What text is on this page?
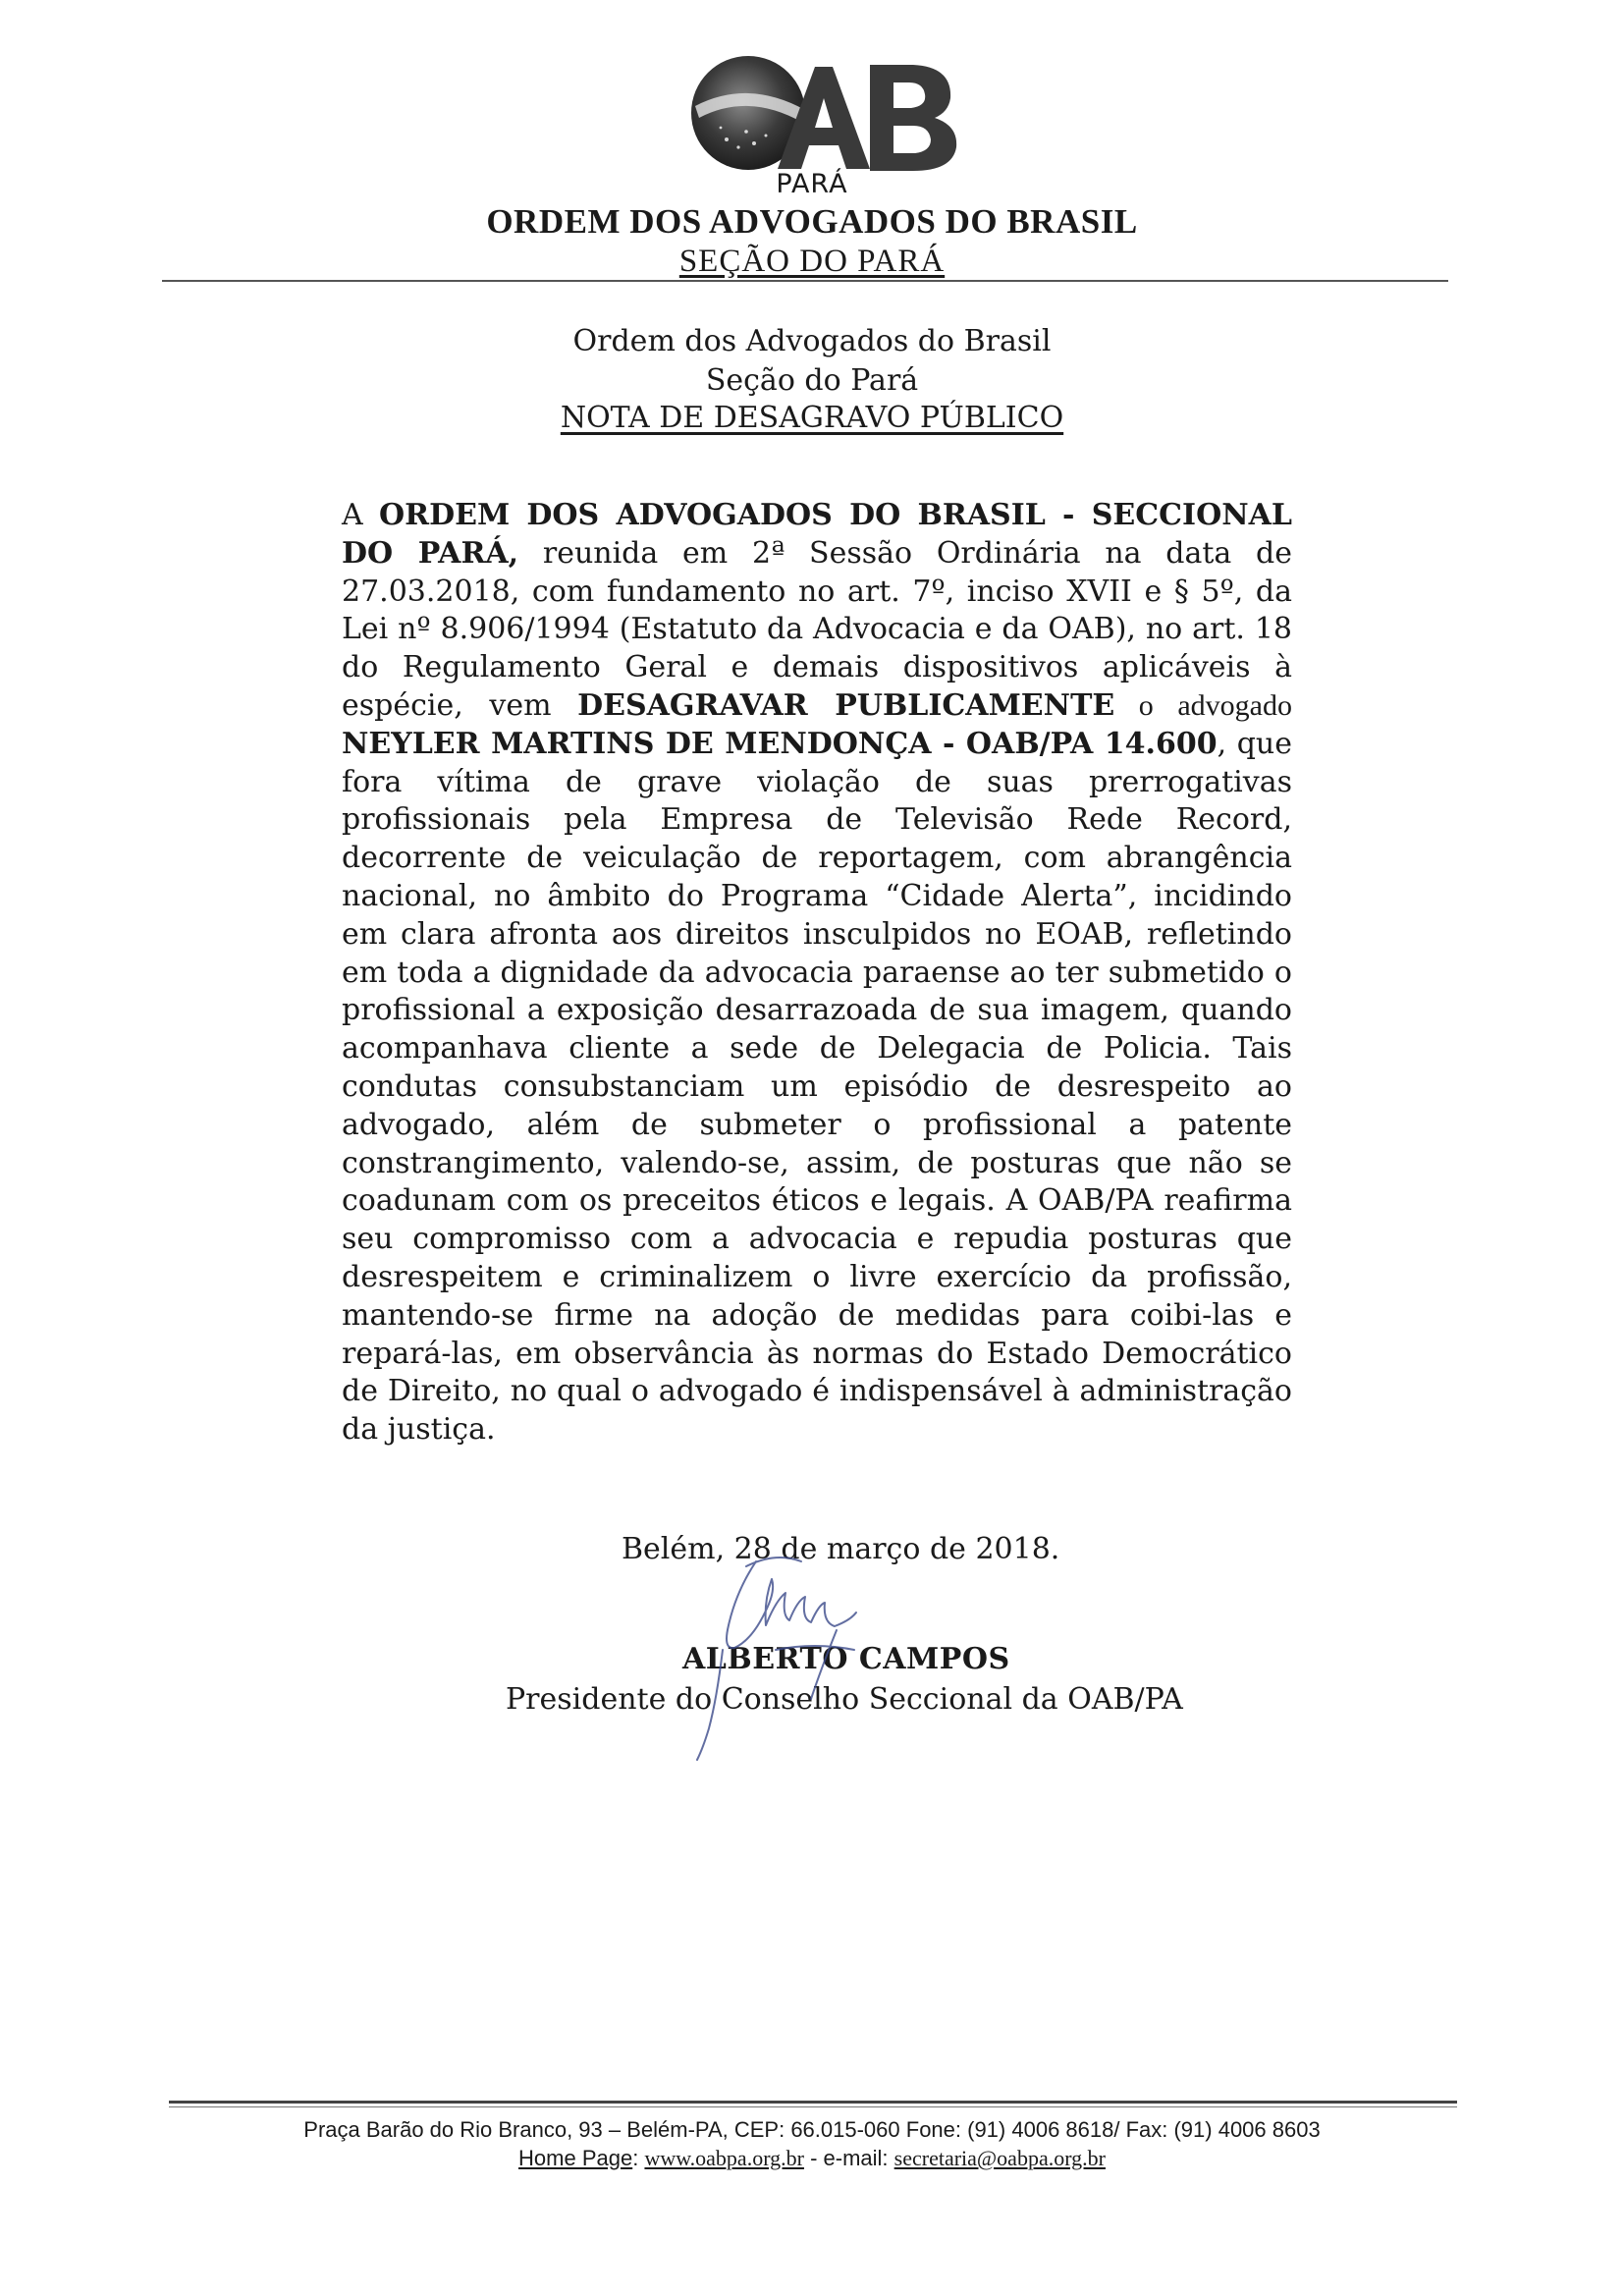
PARÁ
ORDEM DOS ADVOGADOS DO BRASIL
SEÇÃO DO PARÁ
Ordem dos Advogados do Brasil
Seção do Pará
NOTA DE DESAGRAVO PÚBLICO
A ORDEM DOS ADVOGADOS DO BRASIL - SECCIONAL DO PARÁ, reunida em 2ª Sessão Ordinária na data de 27.03.2018, com fundamento no art. 7º, inciso XVII e § 5º, da Lei nº 8.906/1994 (Estatuto da Advocacia e da OAB), no art. 18 do Regulamento Geral e demais dispositivos aplicáveis à espécie, vem DESAGRAVAR PUBLICAMENTE o advogado NEYLER MARTINS DE MENDONÇA - OAB/PA 14.600, que fora vítima de grave violação de suas prerrogativas profissionais pela Empresa de Televisão Rede Record, decorrente de veiculação de reportagem, com abrangência nacional, no âmbito do Programa “Cidade Alerta”, incidindo em clara afronta aos direitos insculpidos no EOAB, refletindo em toda a dignidade da advocacia paraense ao ter submetido o profissional a exposição desarrazoada de sua imagem, quando acompanhava cliente a sede de Delegacia de Policia. Tais condutas consubstanciam um episódio de desrespeito ao advogado, além de submeter o profissional a patente constrangimento, valendo-se, assim, de posturas que não se coadunam com os preceitos éticos e legais. A OAB/PA reafirma seu compromisso com a advocacia e repudia posturas que desrespeitem e criminalizem o livre exercício da profissão, mantendo-se firme na adoção de medidas para coibi-las e repará-las, em observância às normas do Estado Democrático de Direito, no qual o advogado é indispensável à administração da justiça.
Belém, 28 de março de 2018.
ALBERTO CAMPOS
Presidente do Conselho Seccional da OAB/PA
Praça Barão do Rio Branco, 93 – Belém-PA, CEP: 66.015-060 Fone: (91) 4006 8618/ Fax: (91) 4006 8603
Home Page: www.oabpa.org.br - e-mail: secretaria@oabpa.org.br
